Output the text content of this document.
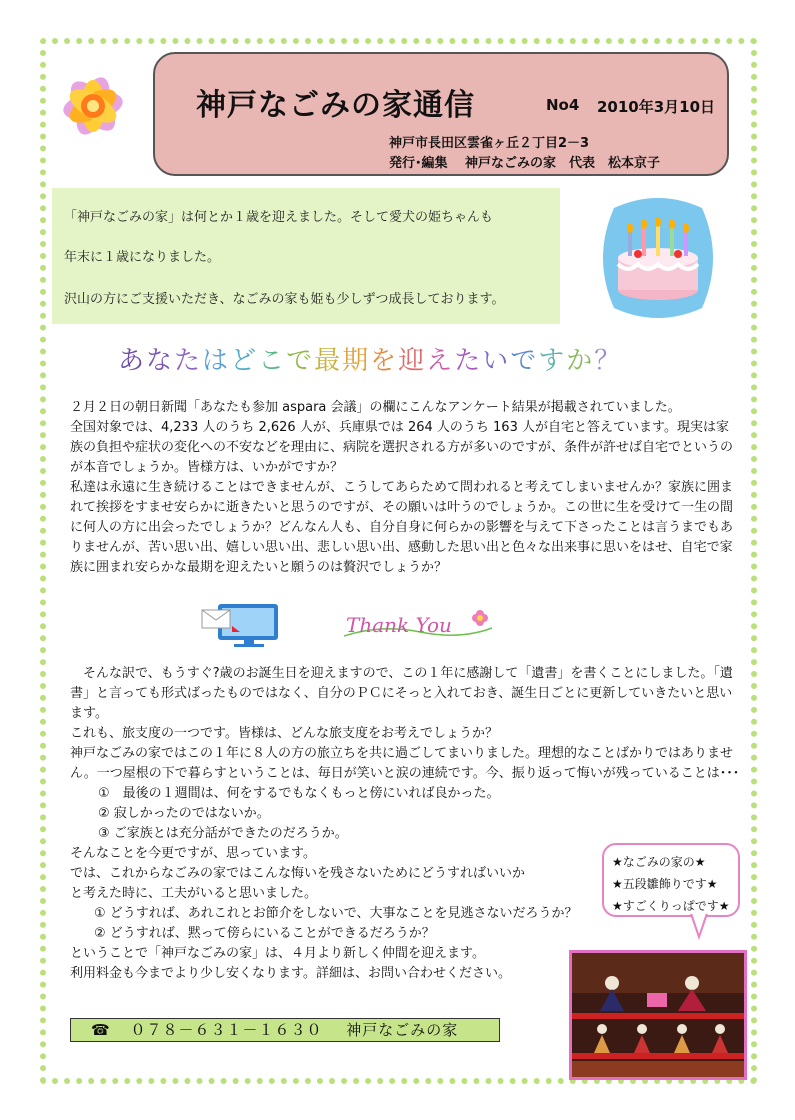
神戸なごみの家通信	No4 2010年3月10日
神戸市長田区雲雀ヶ丘２丁目2－3
発行･編集　 神戸なごみの家　代表　松本京子

「神戸なごみの家」は何とか１歳を迎えました。そして愛犬の姫ちゃんも

年末に１歳になりました。

沢山の方にご支援いただき、なごみの家も姫も少しずつ成長しております。

あなたはどこで最期を迎えたいですか？

２月２日の朝日新聞「あなたも参加 aspara 会議」の欄にこんなアンケート結果が掲載されていました。

全国対象では、4,233 人のうち 2,626 人が、兵庫県では 264 人のうち 163 人が自宅と答えています。現実は家族の負担や症状の変化への不安などを理由に、病院を選択される方が多いのですが、条件が許せば自宅でというのが本音でしょうか。皆様方は、いかがですか？

私達は永遠に生き続けることはできませんが、こうしてあらためて問われると考えてしまいませんか？家族に囲まれて挨拶をすませ安らかに逝きたいと思うのですが、その願いは叶うのでしょうか。この世に生を受けて一生の間に何人の方に出会ったでしょうか？どんなん人も、自分自身に何らかの影響を与えて下さったことは言うまでもありませんが、苦い思い出、嬉しい思い出、悲しい思い出、感動した思い出と色々な出来事に思いをはせ、自宅で家族に囲まれ安らかな最期を迎えたいと願うのは贅沢でしょうか？

Thank You

　そんな訳で、もうすぐ?歳のお誕生日を迎えますので、この１年に感謝して「遺書」を書くことにしました。「遺書」と言っても形式ばったものではなく、自分のＰＣにそっと入れておき、誕生日ごとに更新していきたいと思います。

これも、旅支度の一つです。皆様は、どんな旅支度をお考えでしょうか？

神戸なごみの家ではこの１年に８人の方の旅立ちを共に過ごしてまいりました。理想的なことばかりではありません。一つ屋根の下で暮らすということは、毎日が笑いと涙の連続です。今、振り返って悔いが残っていることは･･･

①　最後の１週間は、何をするでもなくもっと傍にいれば良かった。

② 寂しかったのではないか。

③ ご家族とは充分話ができたのだろうか。

そんなことを今更ですが、思っています。

では、これからなごみの家ではこんな悔いを残さないためにどうすればいいか

と考えた時に、工夫がいると思いました。

① どうすれば、あれこれとお節介をしないで、大事なことを見逃さないだろうか？

② どうすれば、黙って傍らにいることができるだろうか？

ということで「神戸なごみの家」は、４月より新しく仲間を迎えます。

利用料金も今までより少し安くなります。詳細は、お問い合わせください。

★なごみの家の★
★五段雛飾りです★
★すごくりっぱです★
☎ ０７８－６３１－１６３０ 神戸なごみの家
